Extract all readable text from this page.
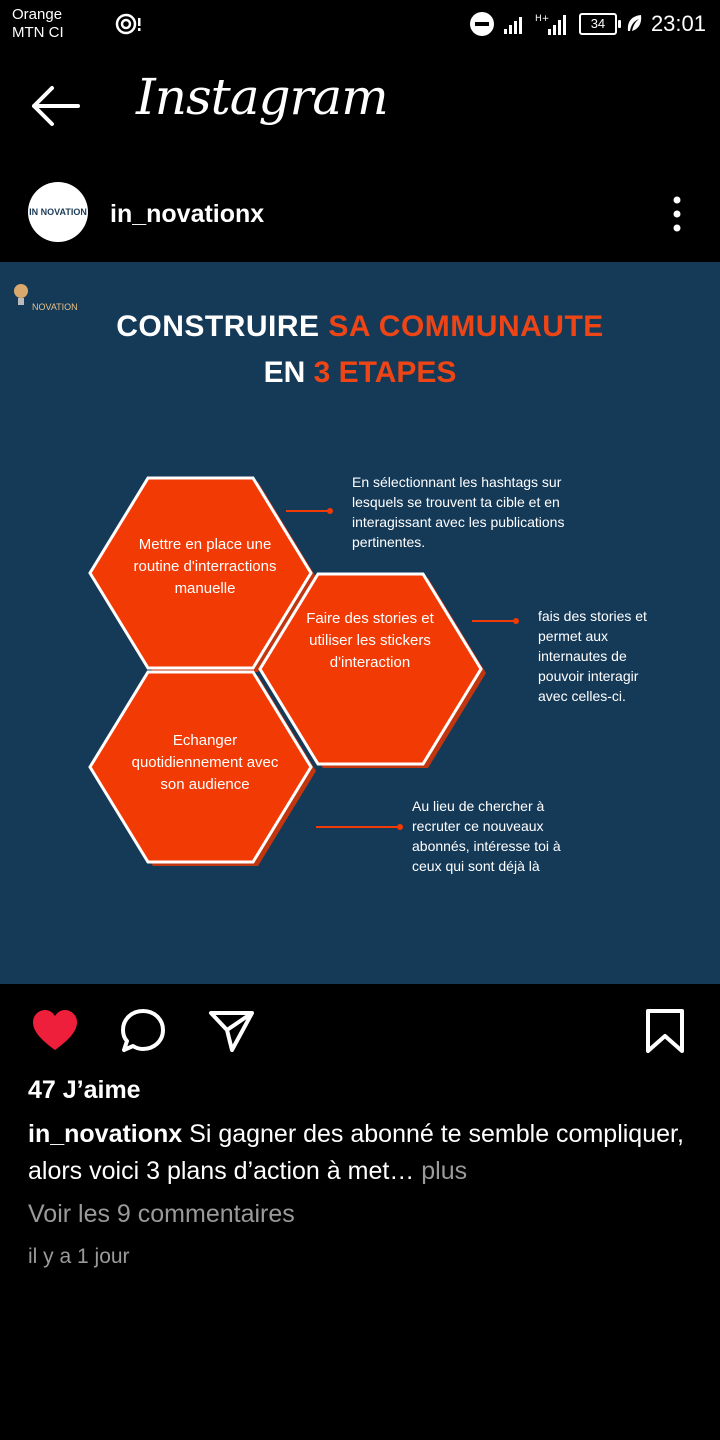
Orange
MTN CI
H+	34	23:01
Instagram
IN NOVATION in_novationx
NOVATION
CONSTRUIRE SA COMMUNAUTE
EN 3 ETAPES
Mettre en place une routine d'interractions manuelle
Faire des stories et utiliser les stickers d'interaction
Echanger quotidiennement avec son audience
En sélectionnant les hashtags sur lesquels se trouvent ta cible et en interagissant avec les publications pertinentes.
fais des stories et permet aux internautes de pouvoir interagir avec celles-ci.
Au lieu de chercher à recruter ce nouveaux abonnés, intéresse toi à ceux qui sont déjà là
47 J’aime
in_novationx Si gagner des abonné te semble compliquer, alors voici 3 plans d’action à met… plus
Voir les 9 commentaires
il y a 1 jour
